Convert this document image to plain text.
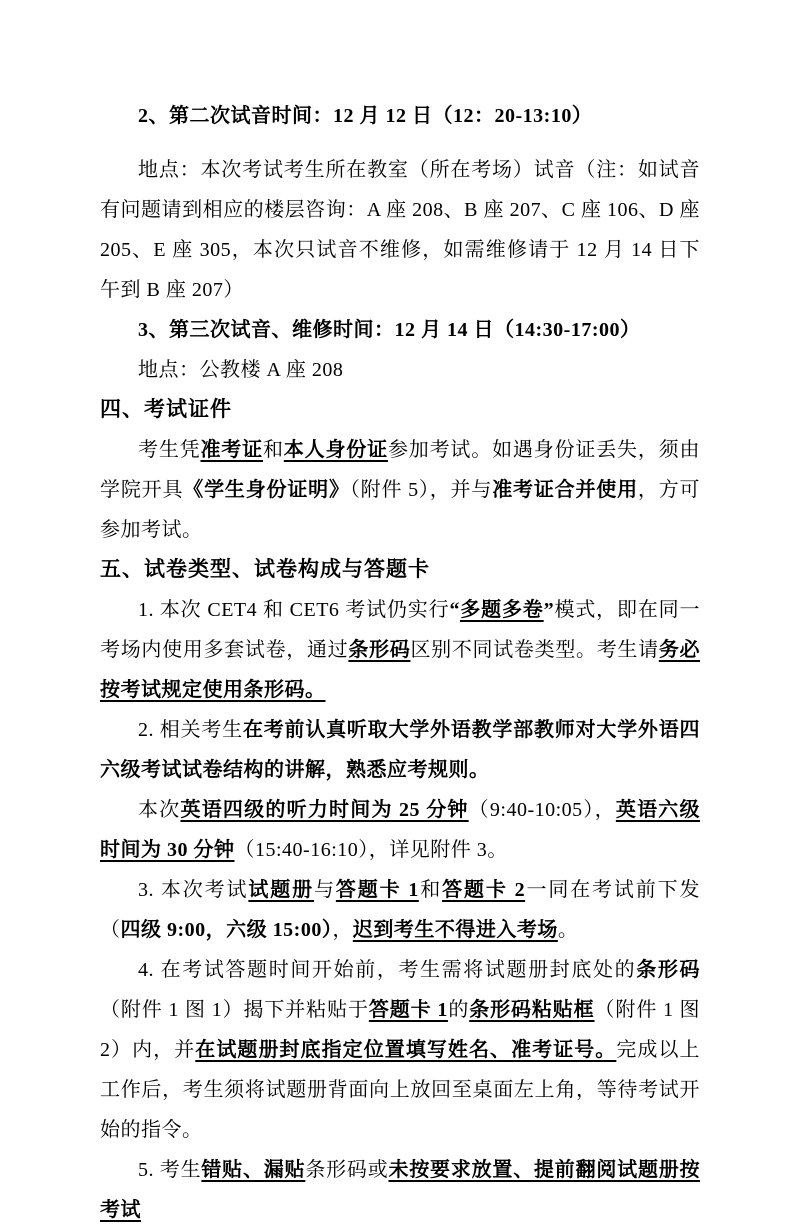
2、第二次试音时间：12 月 12 日（12：20-13:10）

地点：本次考试考生所在教室（所在考场）试音（注：如试音有问题请到相应的楼层咨询：A 座 208、B 座 207、C 座 106、D 座 205、E 座 305，本次只试音不维修，如需维修请于 12 月 14 日下午到 B 座 207）

3、第三次试音、维修时间：12 月 14 日（14:30-17:00）

地点：公教楼 A 座 208

四、考试证件

考生凭准考证和本人身份证参加考试。如遇身份证丢失，须由学院开具《学生身份证明》（附件 5），并与准考证合并使用，方可参加考试。

五、试卷类型、试卷构成与答题卡

1. 本次 CET4 和 CET6 考试仍实行“多题多卷”模式，即在同一考场内使用多套试卷，通过条形码区别不同试卷类型。考生请务必按考试规定使用条形码。

2. 相关考生在考前认真听取大学外语教学部教师对大学外语四六级考试试卷结构的讲解，熟悉应考规则。

本次英语四级的听力时间为 25 分钟（9:40-10:05），英语六级时间为 30 分钟（15:40-16:10），详见附件 3。

3. 本次考试试题册与答题卡 1和答题卡 2一同在考试前下发（四级 9:00，六级 15:00），迟到考生不得进入考场。

4. 在考试答题时间开始前，考生需将试题册封底处的条形码（附件 1 图 1）揭下并粘贴于答题卡 1的条形码粘贴框（附件 1 图 2）内，并在试题册封底指定位置填写姓名、准考证号。完成以上工作后，考生须将试题册背面向上放回至桌面左上角，等待考试开始的指令。

5. 考生错贴、漏贴条形码或未按要求放置、提前翻阅试题册按考试
